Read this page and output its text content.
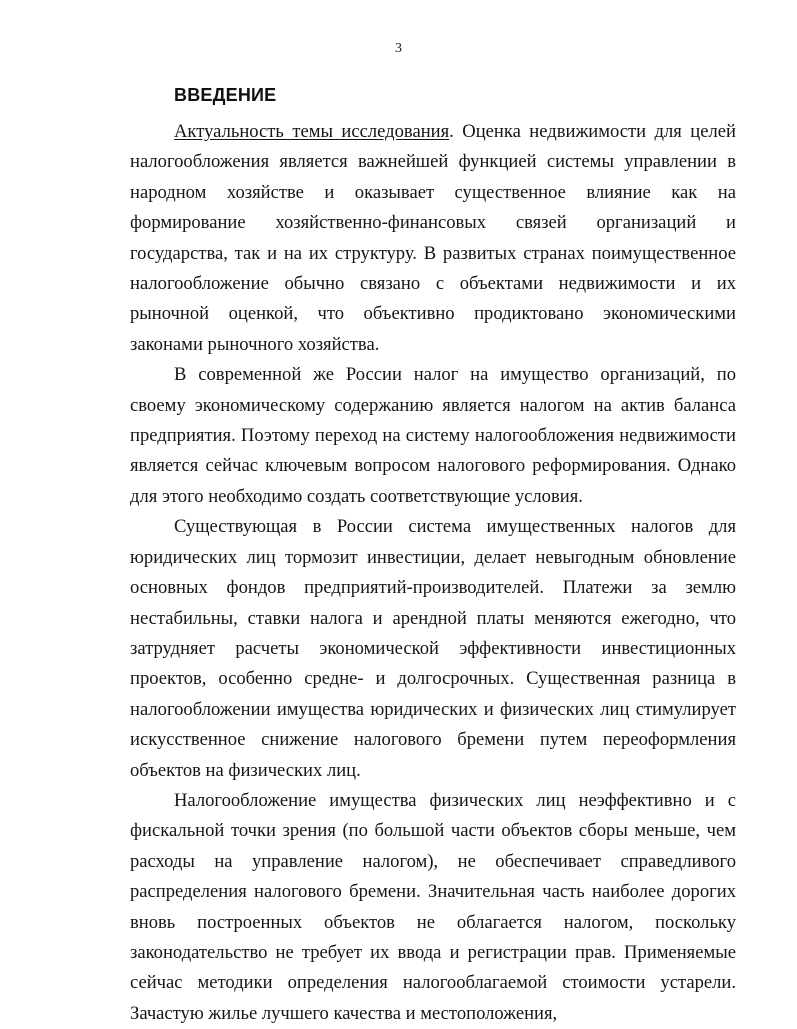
3
ВВЕДЕНИЕ

Актуальность темы исследования. Оценка недвижимости для целей налогообложения является важнейшей функцией системы управлении в народном хозяйстве и оказывает существенное влияние как на формирование хозяйственно-финансовых связей организаций и государства, так и на их структуру. В развитых странах поимущественное налогообложение обычно связано с объектами недвижимости и их рыночной оценкой, что объективно продиктовано экономическими законами рыночного хозяйства.

В современной же России налог на имущество организаций, по своему экономическому содержанию является налогом на актив баланса предприятия. Поэтому переход на систему налогообложения недвижимости является сейчас ключевым вопросом налогового реформирования. Однако для этого необходимо создать соответствующие условия.

Существующая в России система имущественных налогов для юридических лиц тормозит инвестиции, делает невыгодным обновление основных фондов предприятий-производителей. Платежи за землю нестабильны, ставки налога и арендной платы меняются ежегодно, что затрудняет расчеты экономической эффективности инвестиционных проектов, особенно средне- и долгосрочных. Существенная разница в налогообложении имущества юридических и физических лиц стимулирует искусственное снижение налогового бремени путем переоформления объектов на физических лиц.

Налогообложение имущества физических лиц неэффективно и с фискальной точки зрения (по большой части объектов сборы меньше, чем расходы на управление налогом), не обеспечивает справедливого распределения налогового бремени. Значительная часть наиболее дорогих вновь построенных объектов не облагается налогом, поскольку законодательство не требует их ввода и регистрации прав. Применяемые сейчас методики определения налогооблагаемой стоимости устарели. Зачастую жилье лучшего качества и местоположения,
